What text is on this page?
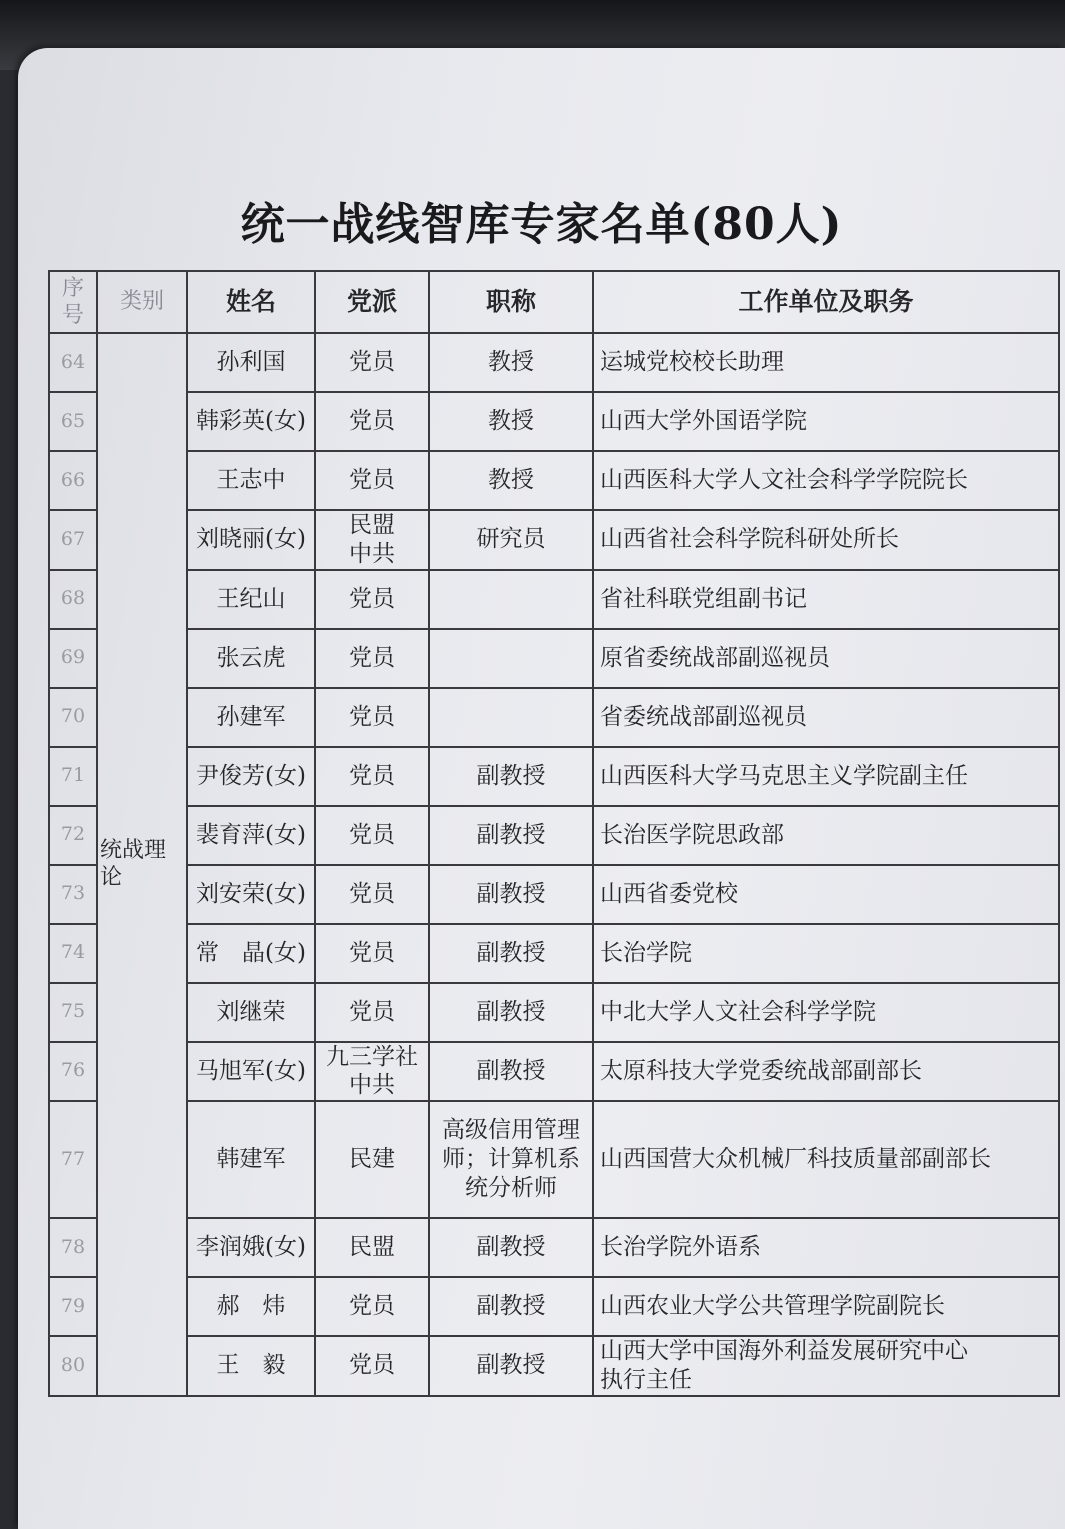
统一战线智库专家名单(80人)
序号	类别	姓名	党派	职称	工作单位及职务
64	统战理论	孙利国	党员	教授	运城党校校长助理

65		韩彩英(女)	党员	教授	山西大学外国语学院

66		王志中	党员	教授	山西医科大学人文社会科学学院院长

67		刘晓丽(女)	民盟
中共	研究员	山西省社会科学院科研处所长

68		王纪山	党员		省社科联党组副书记

69		张云虎	党员		原省委统战部副巡视员

70		孙建军	党员		省委统战部副巡视员

71		尹俊芳(女)	党员	副教授	山西医科大学马克思主义学院副主任

72		裴育萍(女)	党员	副教授	长治医学院思政部

73		刘安荣(女)	党员	副教授	山西省委党校

74		常　晶(女)	党员	副教授	长治学院

75		刘继荣	党员	副教授	中北大学人文社会科学学院

76		马旭军(女)	九三学社
中共	副教授	太原科技大学党委统战部副部长

77		韩建军	民建	高级信用管理
师；计算机系
统分析师	山西国营大众机械厂科技质量部副部长

78		李润娥(女)	民盟	副教授	长治学院外语系

79		郝　炜	党员	副教授	山西农业大学公共管理学院副院长

80		王　毅	党员	副教授	山西大学中国海外利益发展研究中心
执行主任
